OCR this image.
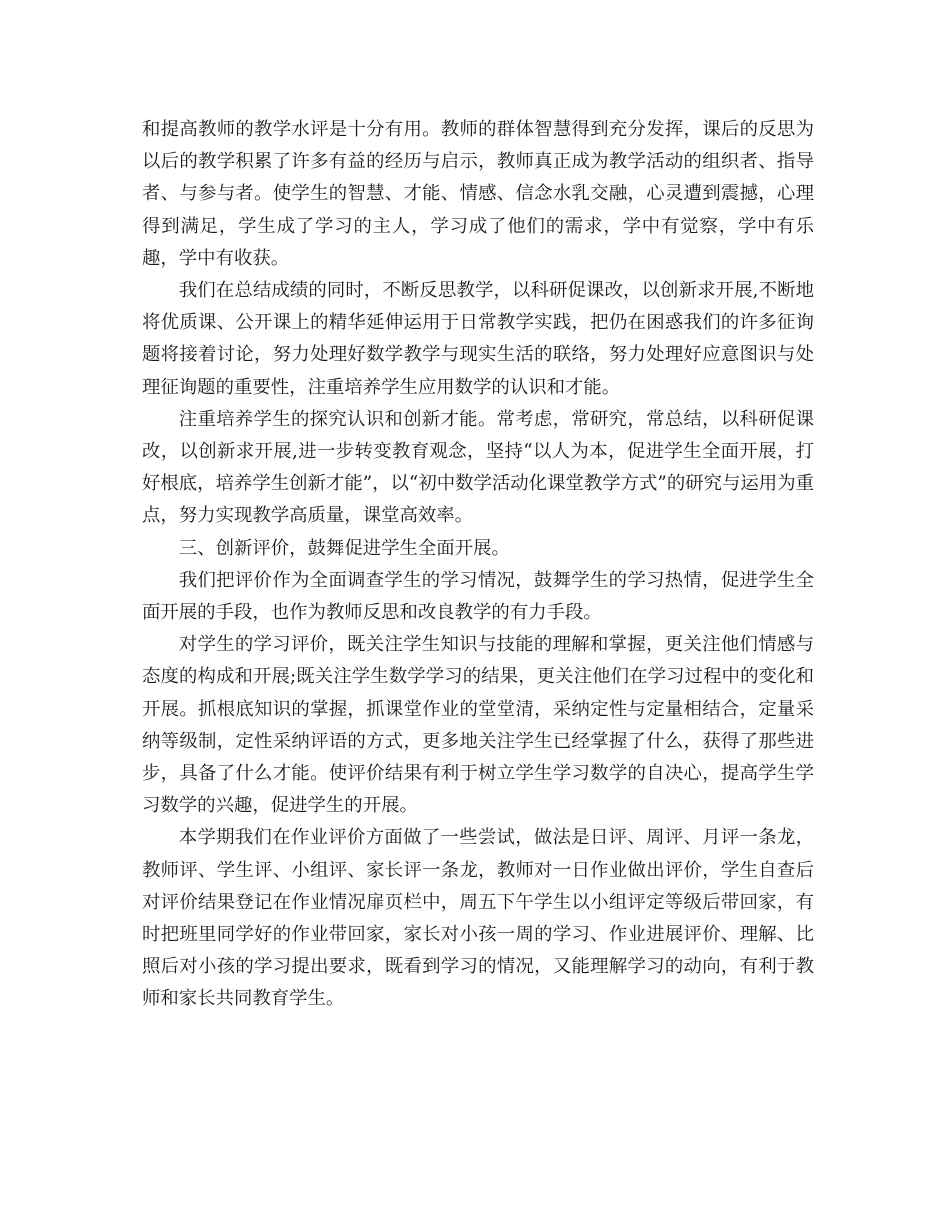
和提高教师的教学水评是十分有用。教师的群体智慧得到充分发挥，课后的反思为以后的教学积累了许多有益的经历与启示，教师真正成为教学活动的组织者、指导者、与参与者。使学生的智慧、才能、情感、信念水乳交融，心灵遭到震撼，心理得到满足，学生成了学习的主人，学习成了他们的需求，学中有觉察，学中有乐趣，学中有收获。

我们在总结成绩的同时，不断反思教学，以科研促课改，以创新求开展,不断地将优质课、公开课上的精华延伸运用于日常教学实践，把仍在困惑我们的许多征询题将接着讨论，努力处理好数学教学与现实生活的联络，努力处理好应意图识与处理征询题的重要性，注重培养学生应用数学的认识和才能。

注重培养学生的探究认识和创新才能。常考虑，常研究，常总结，以科研促课改，以创新求开展,进一步转变教育观念，坚持“以人为本，促进学生全面开展，打好根底，培养学生创新才能”，以“初中数学活动化课堂教学方式”的研究与运用为重点，努力实现教学高质量，课堂高效率。

三、创新评价，鼓舞促进学生全面开展。

我们把评价作为全面调查学生的学习情况，鼓舞学生的学习热情，促进学生全面开展的手段，也作为教师反思和改良教学的有力手段。

对学生的学习评价，既关注学生知识与技能的理解和掌握，更关注他们情感与态度的构成和开展;既关注学生数学学习的结果，更关注他们在学习过程中的变化和开展。抓根底知识的掌握，抓课堂作业的堂堂清，采纳定性与定量相结合，定量采纳等级制，定性采纳评语的方式，更多地关注学生已经掌握了什么，获得了那些进步，具备了什么才能。使评价结果有利于树立学生学习数学的自决心，提高学生学习数学的兴趣，促进学生的开展。

本学期我们在作业评价方面做了一些尝试，做法是日评、周评、月评一条龙，教师评、学生评、小组评、家长评一条龙，教师对一日作业做出评价，学生自查后对评价结果登记在作业情况扉页栏中，周五下午学生以小组评定等级后带回家，有时把班里同学好的作业带回家，家长对小孩一周的学习、作业进展评价、理解、比照后对小孩的学习提出要求，既看到学习的情况，又能理解学习的动向，有利于教师和家长共同教育学生。
